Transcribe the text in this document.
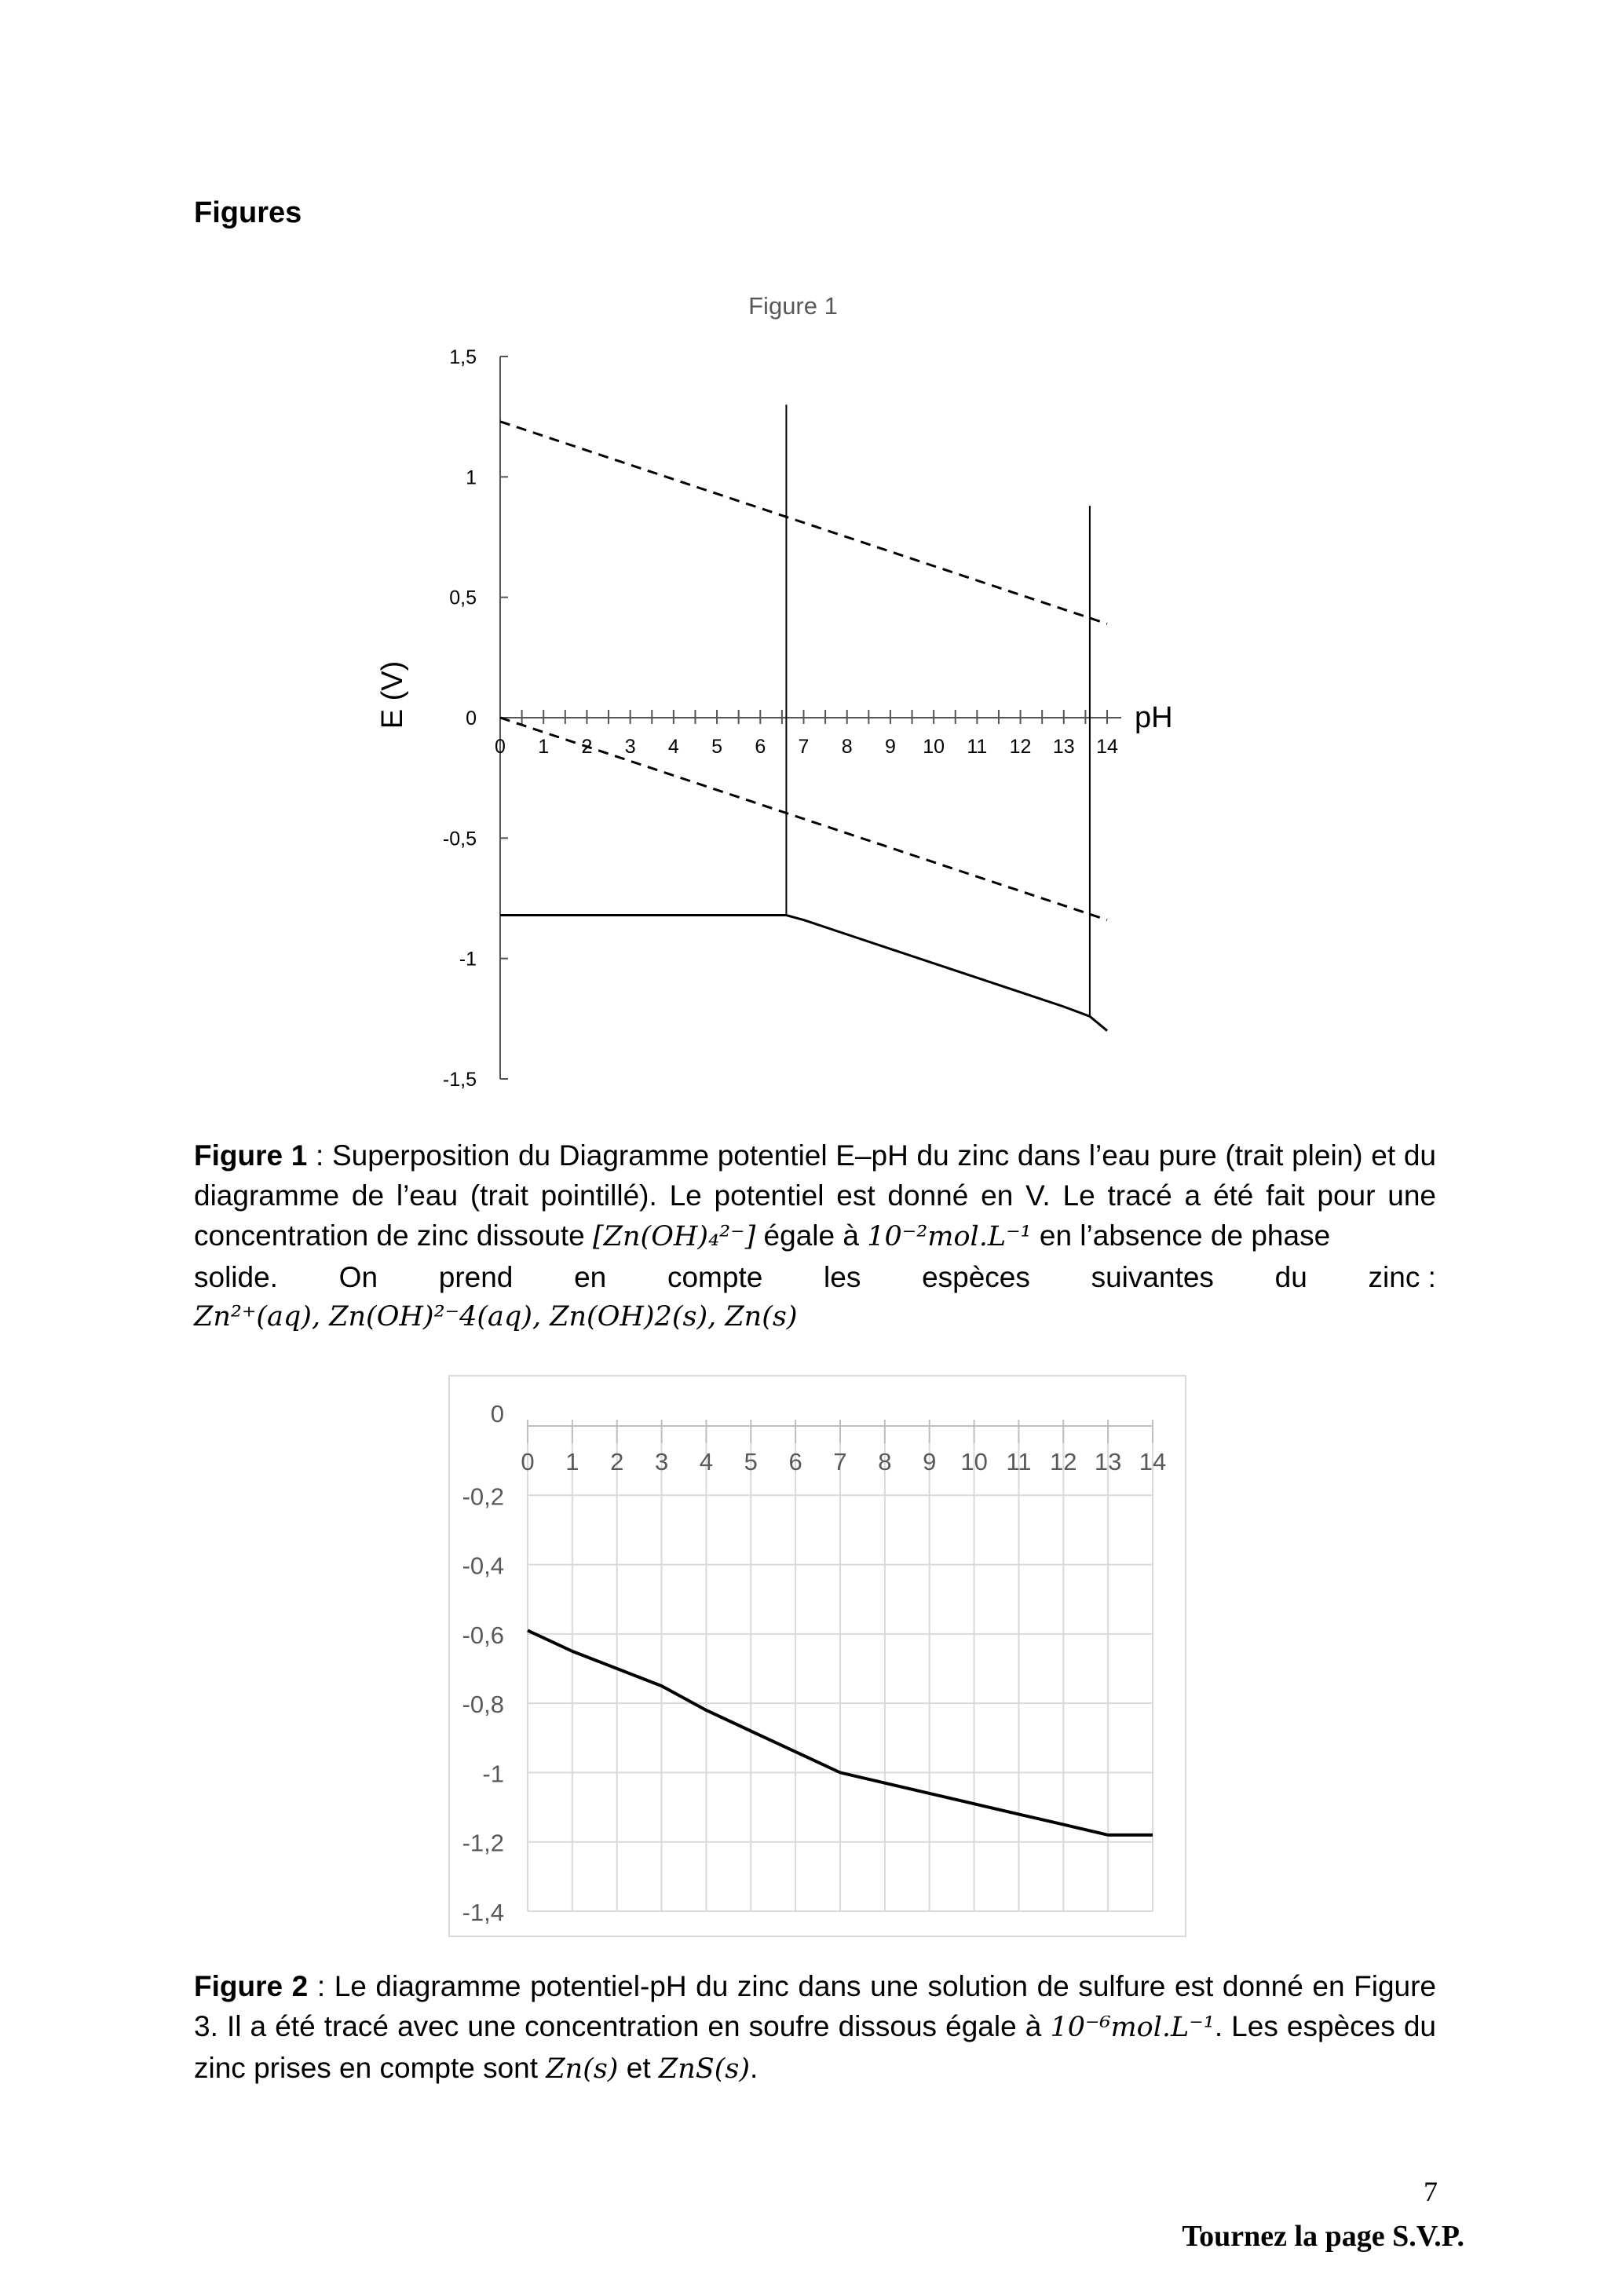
Figures
Figure 1
E (V)	pH
1,5
1
0,5
0
-0,5
-1
-1,5
0 1 2 3 4 5 6 7 8 9 10 11 12 13 14
Figure 1 : Superposition du Diagramme potentiel E–pH du zinc dans l’eau pure (trait plein) et du diagramme de l’eau (trait pointillé). Le potentiel est donné en V. Le tracé a été fait pour une concentration de zinc dissoute [Zn(OH)₄²⁻] égale à 10⁻²mol.L⁻¹ en l’absence de phase
solide. On prend en compte les espèces suivantes du zinc :
Zn²⁺(aq), Zn(OH)²⁻4(aq), Zn(OH)2(s), Zn(s)
0
-0,2
-0,4
-0,6
-0,8
-1
-1,2
-1,4
0 1 2 3 4 5 6 7 8 9 10 11 12 13 14
Figure 2 : Le diagramme potentiel-pH du zinc dans une solution de sulfure est donné en Figure 3. Il a été tracé avec une concentration en soufre dissous égale à 10⁻⁶mol.L⁻¹. Les espèces du zinc prises en compte sont Zn(s) et ZnS(s).
7
Tournez la page S.V.P.
